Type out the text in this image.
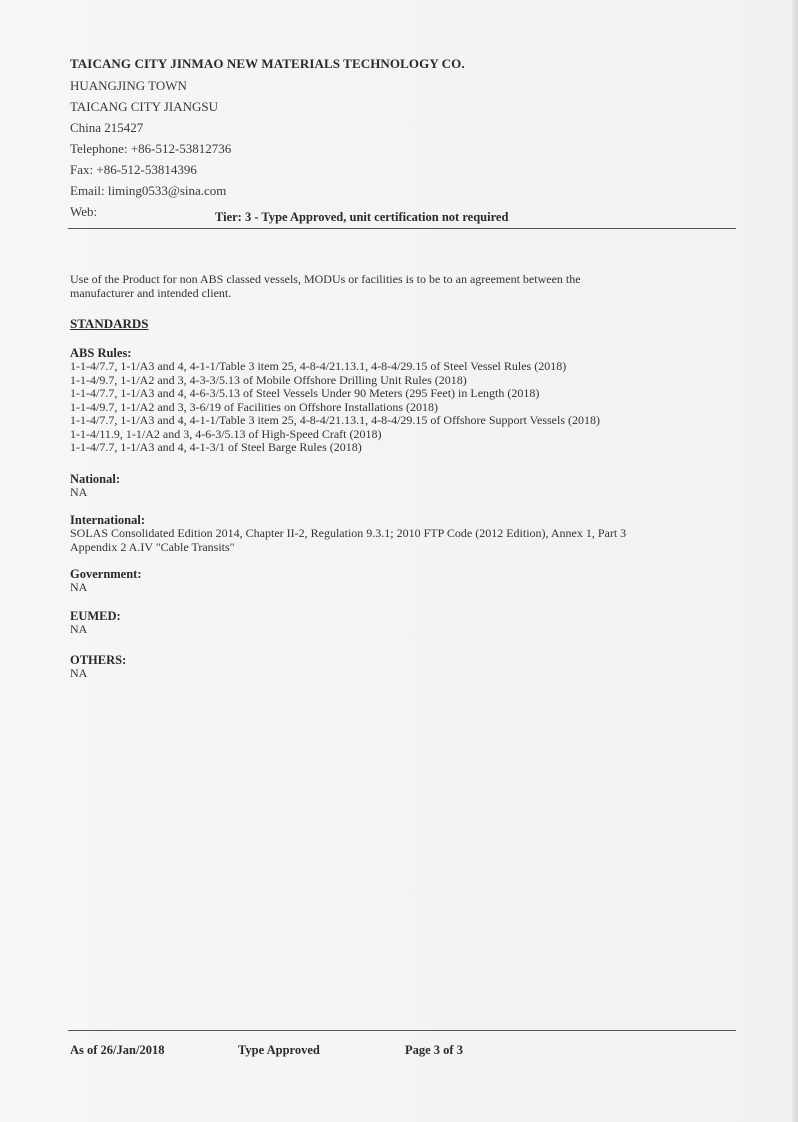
TAICANG CITY JINMAO NEW MATERIALS TECHNOLOGY CO.
HUANGJING TOWN
TAICANG CITY JIANGSU
China 215427
Telephone: +86-512-53812736
Fax: +86-512-53814396
Email: liming0533@sina.com
Web:	Tier: 3 - Type Approved, unit certification not required
Use of the Product for non ABS classed vessels, MODUs or facilities is to be to an agreement between the
manufacturer and intended client.
STANDARDS
ABS Rules:
1-1-4/7.7, 1-1/A3 and 4, 4-1-1/Table 3 item 25, 4-8-4/21.13.1, 4-8-4/29.15 of Steel Vessel Rules (2018)
1-1-4/9.7, 1-1/A2 and 3, 4-3-3/5.13 of Mobile Offshore Drilling Unit Rules (2018)
1-1-4/7.7, 1-1/A3 and 4, 4-6-3/5.13 of Steel Vessels Under 90 Meters (295 Feet) in Length (2018)
1-1-4/9.7, 1-1/A2 and 3, 3-6/19 of Facilities on Offshore Installations (2018)
1-1-4/7.7, 1-1/A3 and 4, 4-1-1/Table 3 item 25, 4-8-4/21.13.1, 4-8-4/29.15 of Offshore Support Vessels (2018)
1-1-4/11.9, 1-1/A2 and 3, 4-6-3/5.13 of High-Speed Craft (2018)
1-1-4/7.7, 1-1/A3 and 4, 4-1-3/1 of Steel Barge Rules (2018)
National:
NA
International:
SOLAS Consolidated Edition 2014, Chapter II-2, Regulation 9.3.1; 2010 FTP Code (2012 Edition), Annex 1, Part 3
Appendix 2 A.IV "Cable Transits"
Government:
NA
EUMED:
NA
OTHERS:
NA
As of 26/Jan/2018	Type Approved	Page 3 of 3
